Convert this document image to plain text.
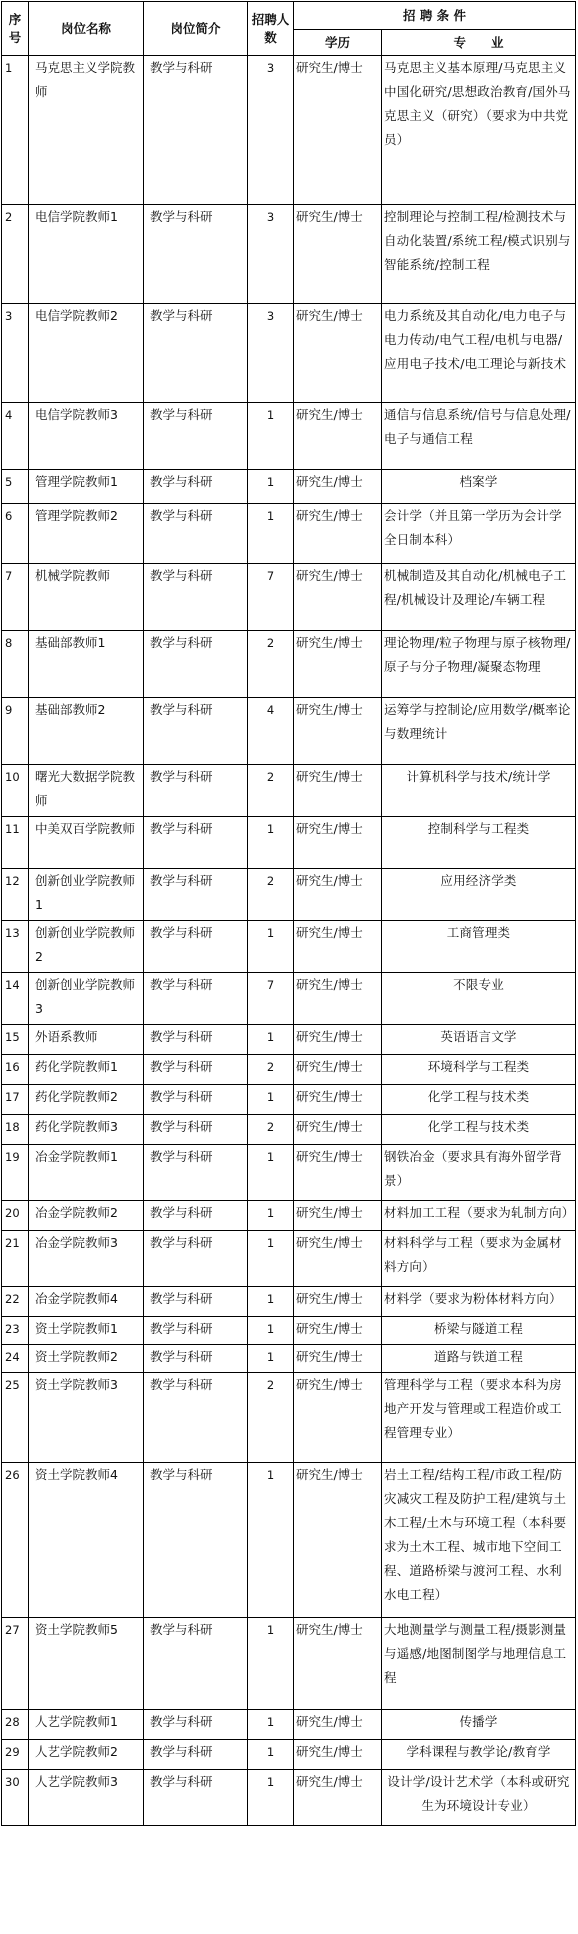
序号	岗位名称	岗位简介	招聘人数	招 聘 条 件	
				学历	专　　业
1	马克思主义学院教师	教学与科研	3	研究生/博士	马克思主义基本原理/马克思主义中国化研究/思想政治教育/国外马克思主义（研究）（要求为中共党员）
2	电信学院教师1	教学与科研	3	研究生/博士	控制理论与控制工程/检测技术与自动化装置/系统工程/模式识别与智能系统/控制工程
3	电信学院教师2	教学与科研	3	研究生/博士	电力系统及其自动化/电力电子与电力传动/电气工程/电机与电器/应用电子技术/电工理论与新技术
4	电信学院教师3	教学与科研	1	研究生/博士	通信与信息系统/信号与信息处理/电子与通信工程
5	管理学院教师1	教学与科研	1	研究生/博士	档案学
6	管理学院教师2	教学与科研	1	研究生/博士	会计学（并且第一学历为会计学全日制本科）
7	机械学院教师	教学与科研	7	研究生/博士	机械制造及其自动化/机械电子工程/机械设计及理论/车辆工程
8	基础部教师1	教学与科研	2	研究生/博士	理论物理/粒子物理与原子核物理/原子与分子物理/凝聚态物理
9	基础部教师2	教学与科研	4	研究生/博士	运筹学与控制论/应用数学/概率论与数理统计
10	曙光大数据学院教师	教学与科研	2	研究生/博士	计算机科学与技术/统计学
11	中美双百学院教师	教学与科研	1	研究生/博士	控制科学与工程类
12	创新创业学院教师1	教学与科研	2	研究生/博士	应用经济学类
13	创新创业学院教师2	教学与科研	1	研究生/博士	工商管理类
14	创新创业学院教师3	教学与科研	7	研究生/博士	不限专业
15	外语系教师	教学与科研	1	研究生/博士	英语语言文学
16	药化学院教师1	教学与科研	2	研究生/博士	环境科学与工程类
17	药化学院教师2	教学与科研	1	研究生/博士	化学工程与技术类
18	药化学院教师3	教学与科研	2	研究生/博士	化学工程与技术类
19	冶金学院教师1	教学与科研	1	研究生/博士	钢铁冶金（要求具有海外留学背景）
20	冶金学院教师2	教学与科研	1	研究生/博士	材料加工工程（要求为轧制方向）
21	冶金学院教师3	教学与科研	1	研究生/博士	材料科学与工程（要求为金属材料方向）
22	冶金学院教师4	教学与科研	1	研究生/博士	材料学（要求为粉体材料方向）
23	资土学院教师1	教学与科研	1	研究生/博士	桥梁与隧道工程
24	资土学院教师2	教学与科研	1	研究生/博士	道路与铁道工程
25	资土学院教师3	教学与科研	2	研究生/博士	管理科学与工程（要求本科为房地产开发与管理或工程造价或工程管理专业）
26	资土学院教师4	教学与科研	1	研究生/博士	岩土工程/结构工程/市政工程/防灾减灾工程及防护工程/建筑与土木工程/土木与环境工程（本科要求为土木工程、城市地下空间工程、道路桥梁与渡河工程、水利水电工程）
27	资土学院教师5	教学与科研	1	研究生/博士	大地测量学与测量工程/摄影测量与遥感/地图制图学与地理信息工程
28	人艺学院教师1	教学与科研	1	研究生/博士	传播学
29	人艺学院教师2	教学与科研	1	研究生/博士	学科课程与教学论/教育学
30	人艺学院教师3	教学与科研	1	研究生/博士	设计学/设计艺术学（本科或研究生为环境设计专业）
